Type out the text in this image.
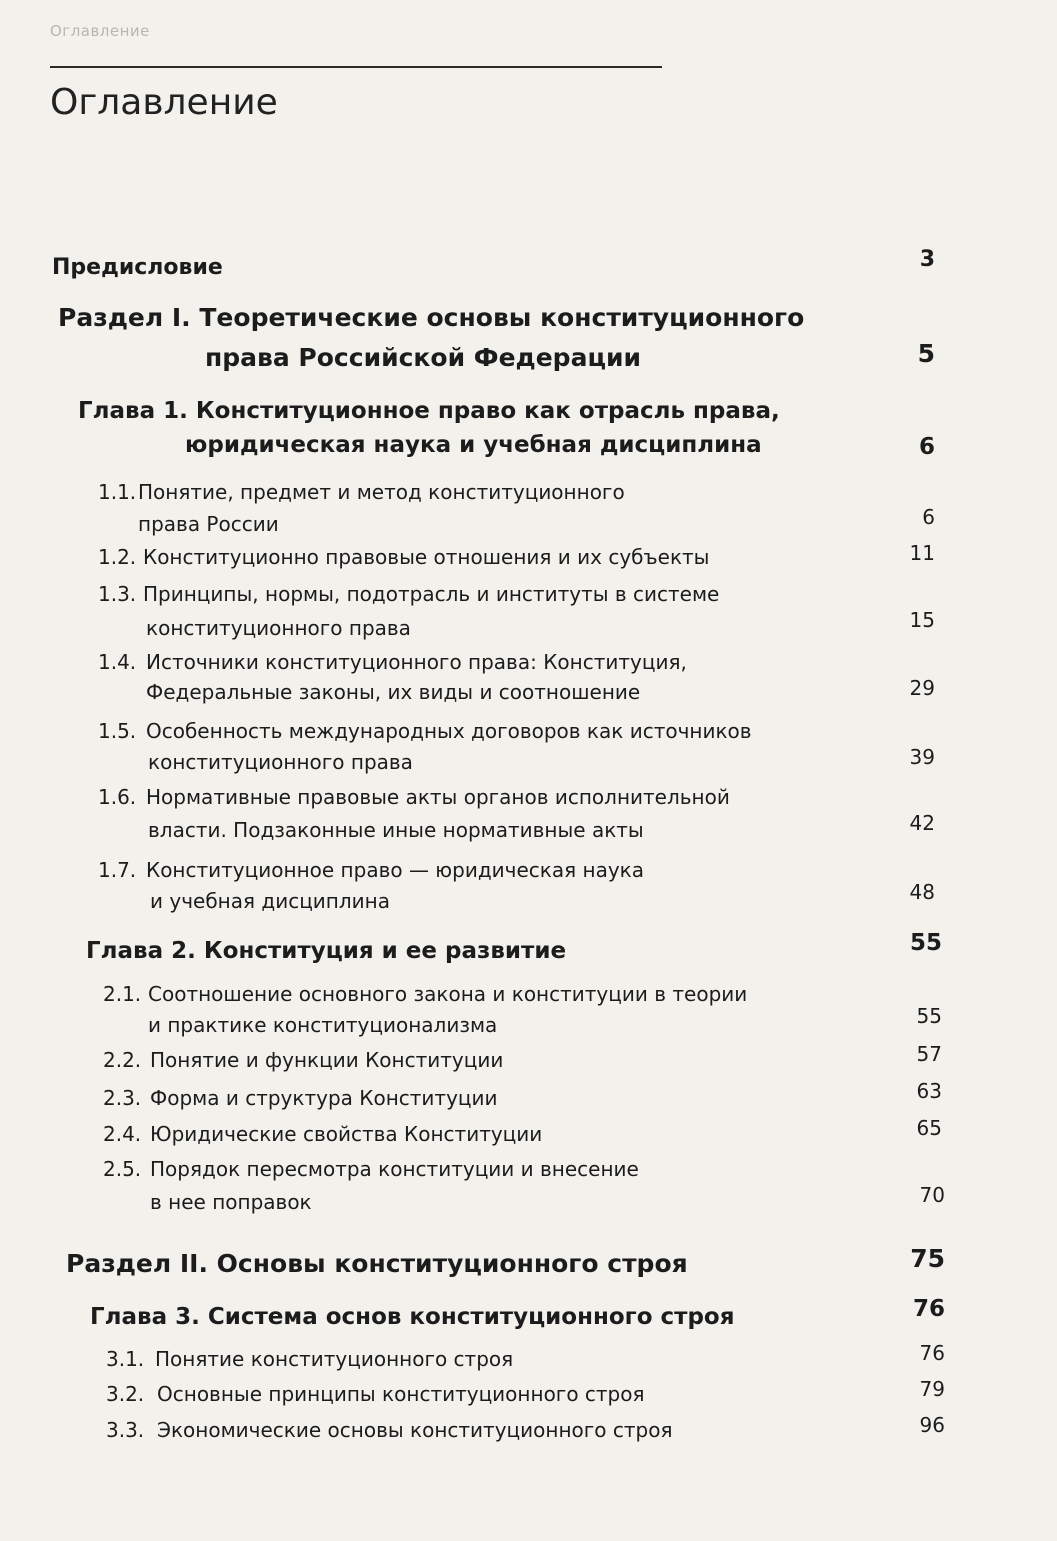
Оглавление
Оглавление
Предисловие	3
Раздел I. Теоретические основы конституционного
права Российской Федерации	5
Глава 1. Конституционное право как отрасль права,
юридическая наука и учебная дисциплина	6
1.1. Понятие, предмет и метод конституционного
права России	6
1.2. Конституционно правовые отношения и их субъекты	11
1.3. Принципы, нормы, подотрасль и институты в системе
конституционного права	15
1.4. Источники конституционного права: Конституция,
Федеральные законы, их виды и соотношение	29
1.5. Особенность международных договоров как источников
конституционного права	39
1.6. Нормативные правовые акты органов исполнительной
власти. Подзаконные иные нормативные акты	42
1.7. Конституционное право — юридическая наука
и учебная дисциплина	48
Глава 2. Конституция и ее развитие	55
2.1. Соотношение основного закона и конституции в теории
и практике конституционализма	55
2.2. Понятие и функции Конституции	57
2.3. Форма и структура Конституции	63
2.4. Юридические свойства Конституции	65
2.5. Порядок пересмотра конституции и внесение
в нее поправок	70
Раздел II. Основы конституционного строя	75
Глава 3. Система основ конституционного строя	76
3.1. Понятие конституционного строя	76
3.2. Основные принципы конституционного строя	79
3.3. Экономические основы конституционного строя	96
